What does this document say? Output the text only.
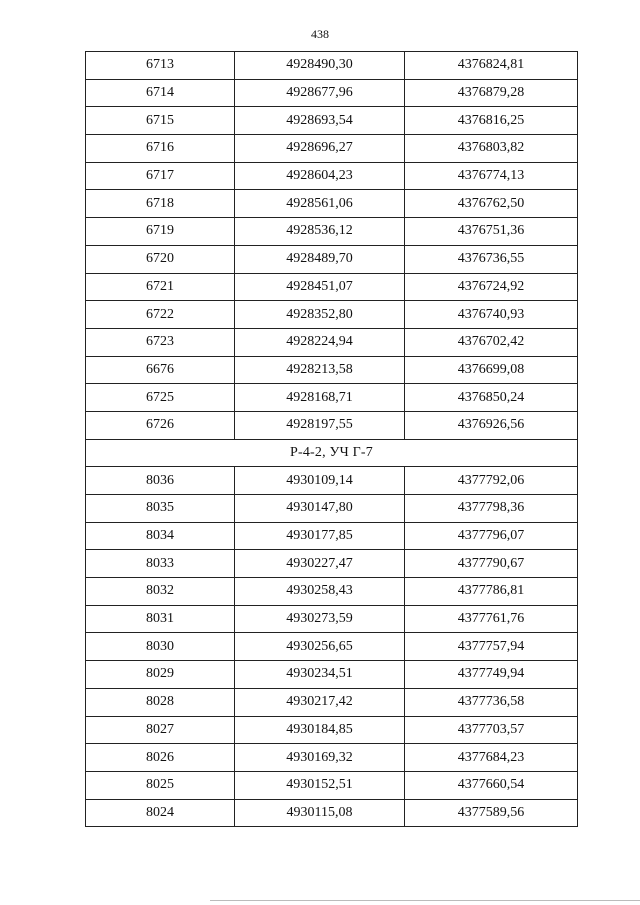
438
6713	4928490,30	4376824,81
6714	4928677,96	4376879,28
6715	4928693,54	4376816,25
6716	4928696,27	4376803,82
6717	4928604,23	4376774,13
6718	4928561,06	4376762,50
6719	4928536,12	4376751,36
6720	4928489,70	4376736,55
6721	4928451,07	4376724,92
6722	4928352,80	4376740,93
6723	4928224,94	4376702,42
6676	4928213,58	4376699,08
6725	4928168,71	4376850,24
6726	4928197,55	4376926,56
Р-4-2, УЧ Г-7		
8036	4930109,14	4377792,06
8035	4930147,80	4377798,36
8034	4930177,85	4377796,07
8033	4930227,47	4377790,67
8032	4930258,43	4377786,81
8031	4930273,59	4377761,76
8030	4930256,65	4377757,94
8029	4930234,51	4377749,94
8028	4930217,42	4377736,58
8027	4930184,85	4377703,57
8026	4930169,32	4377684,23
8025	4930152,51	4377660,54
8024	4930115,08	4377589,56
